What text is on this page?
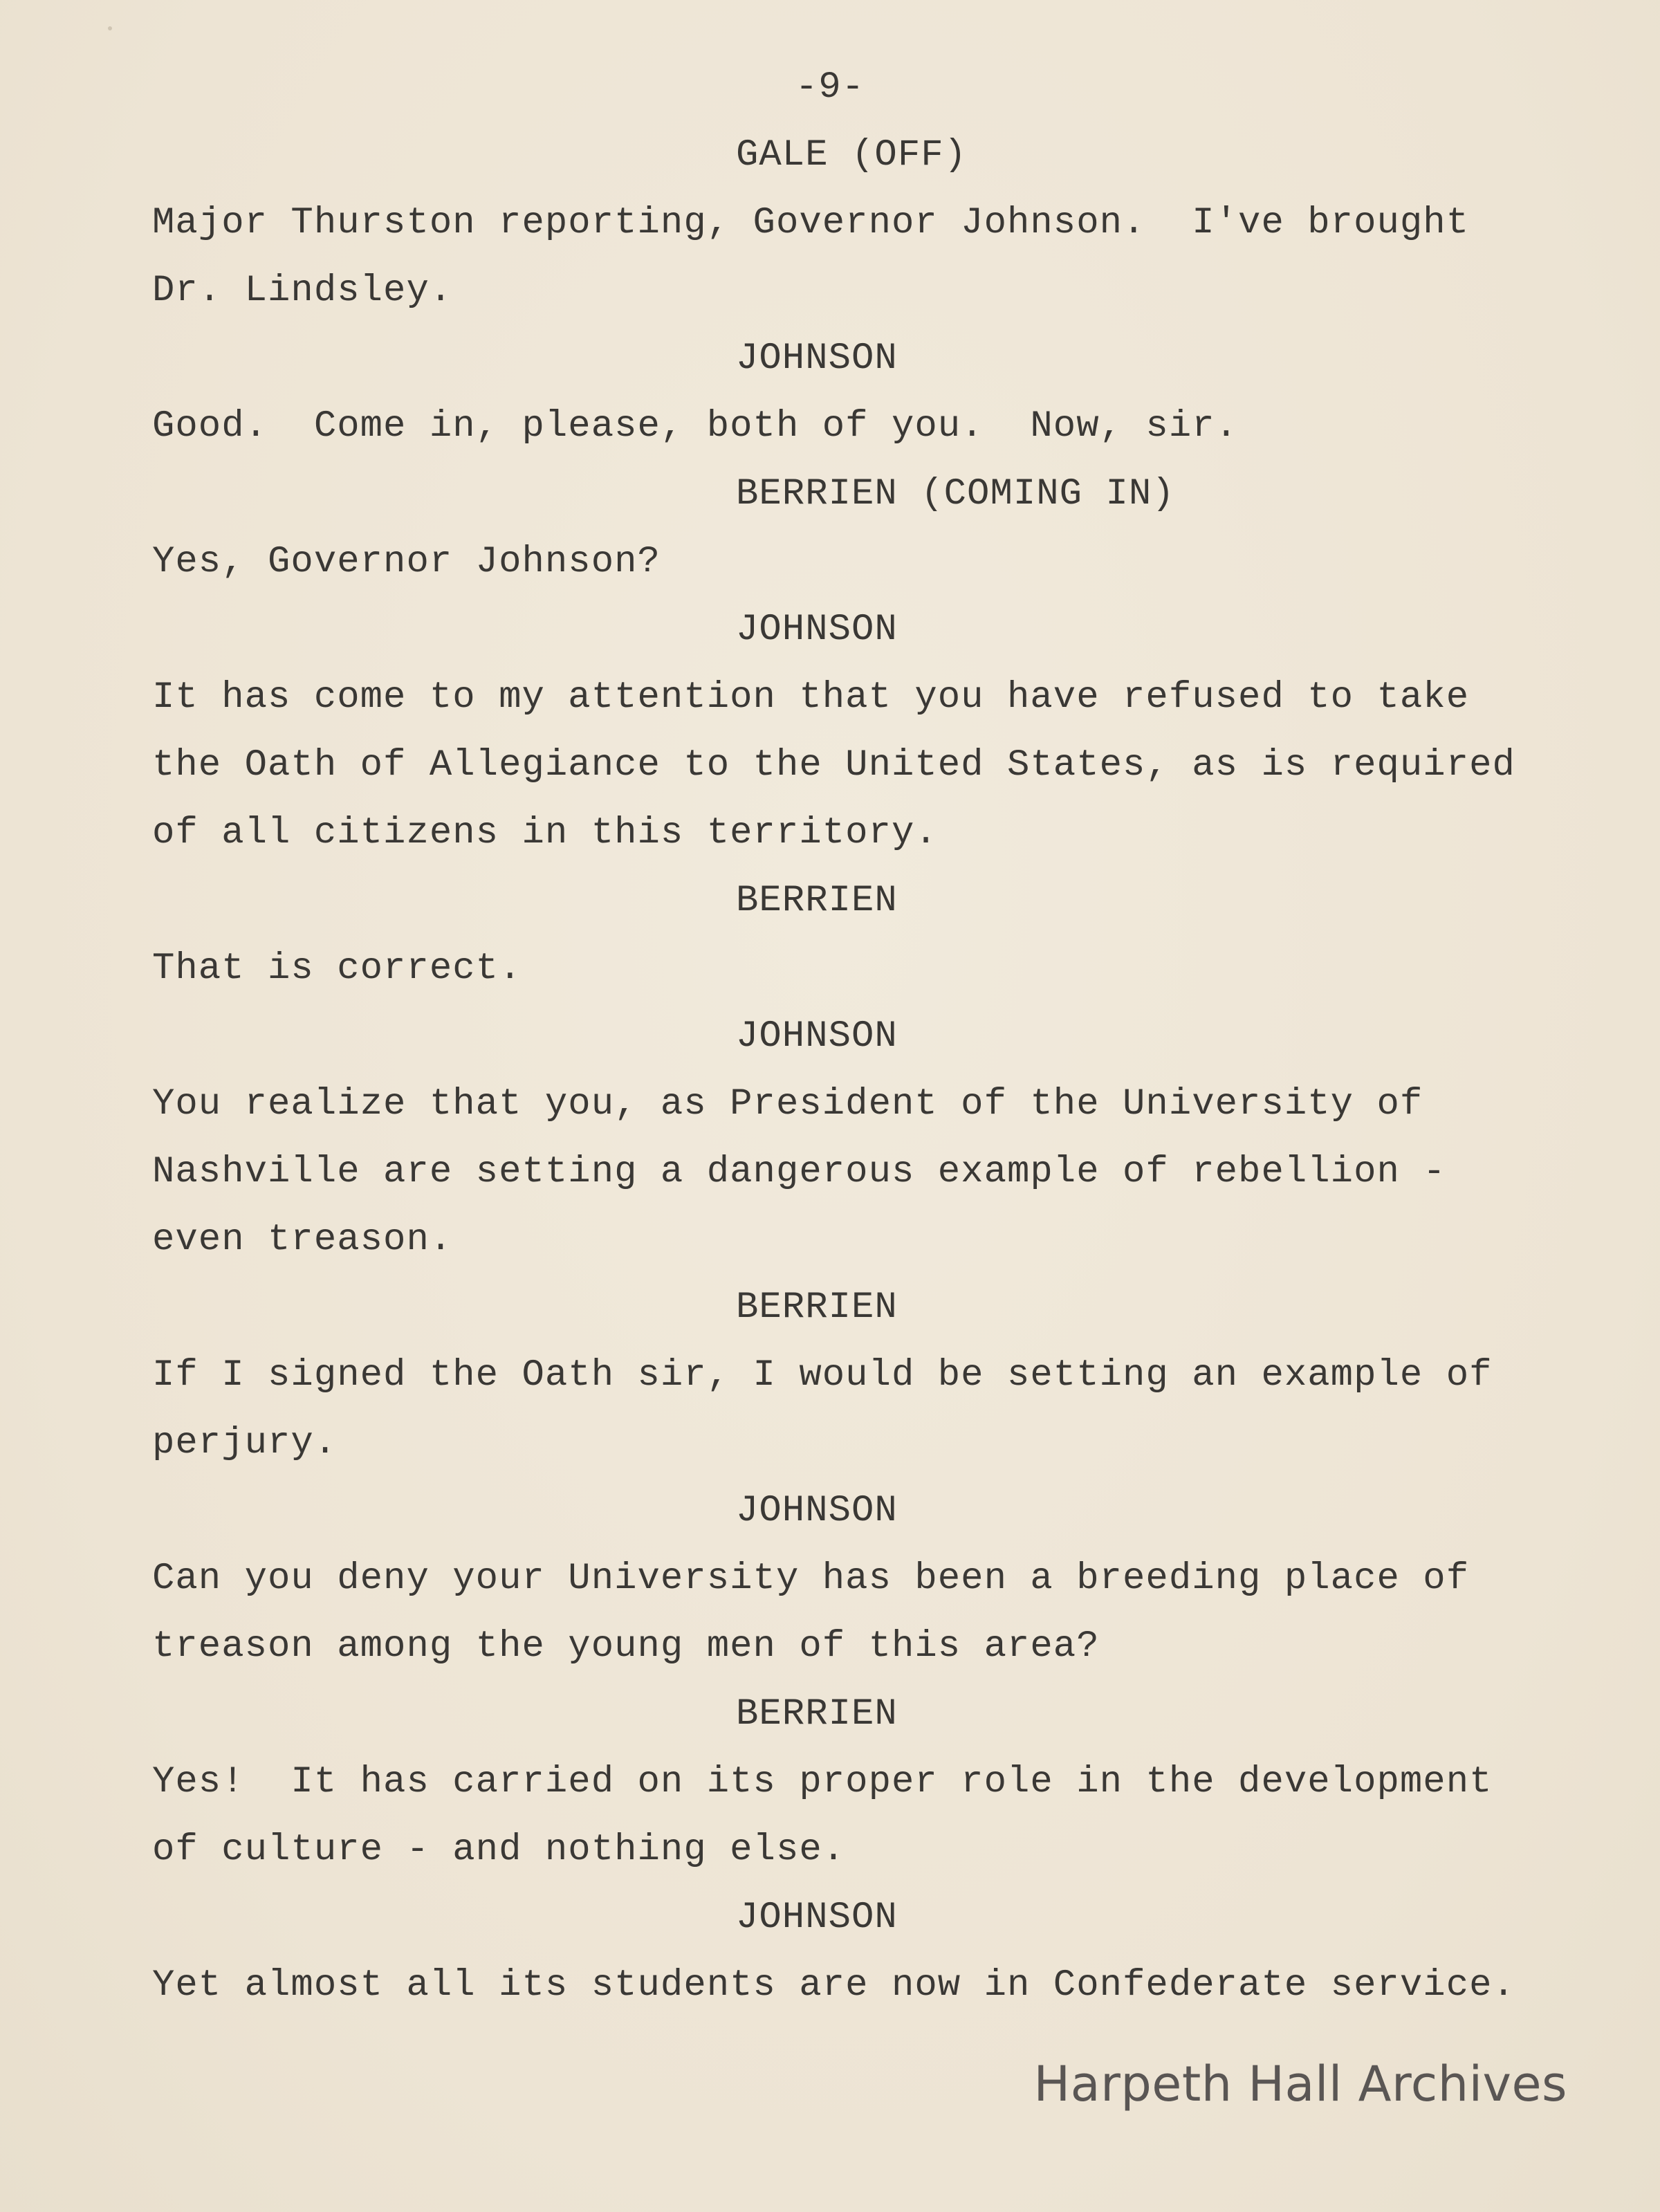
-9-
GALE (OFF)
Major Thurston reporting, Governor Johnson.  I've brought
Dr. Lindsley.
JOHNSON
Good.  Come in, please, both of you.  Now, sir.
BERRIEN (COMING IN)
Yes, Governor Johnson?
JOHNSON
It has come to my attention that you have refused to take
the Oath of Allegiance to the United States, as is required
of all citizens in this territory.
BERRIEN
That is correct.
JOHNSON
You realize that you, as President of the University of
Nashville are setting a dangerous example of rebellion -
even treason.
BERRIEN
If I signed the Oath sir, I would be setting an example of
perjury.
JOHNSON
Can you deny your University has been a breeding place of
treason among the young men of this area?
BERRIEN
Yes!  It has carried on its proper role in the development
of culture - and nothing else.
JOHNSON
Yet almost all its students are now in Confederate service.
Harpeth Hall Archives
